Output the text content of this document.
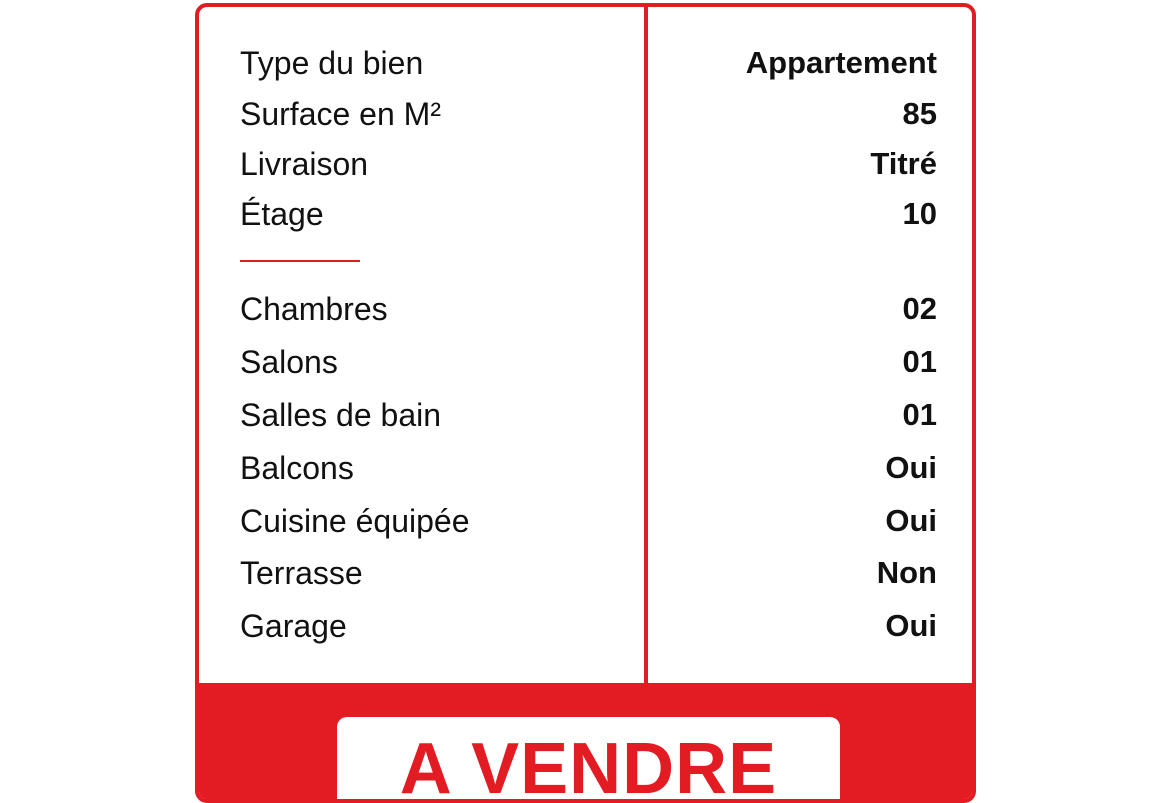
Type du bien	Appartement
Surface en M²	85
Livraison	Titré
Étage	10
Chambres	02
Salons	01
Salles de bain	01
Balcons	Oui
Cuisine équipée	Oui
Terrasse	Non
Garage	Oui
A VENDRE
